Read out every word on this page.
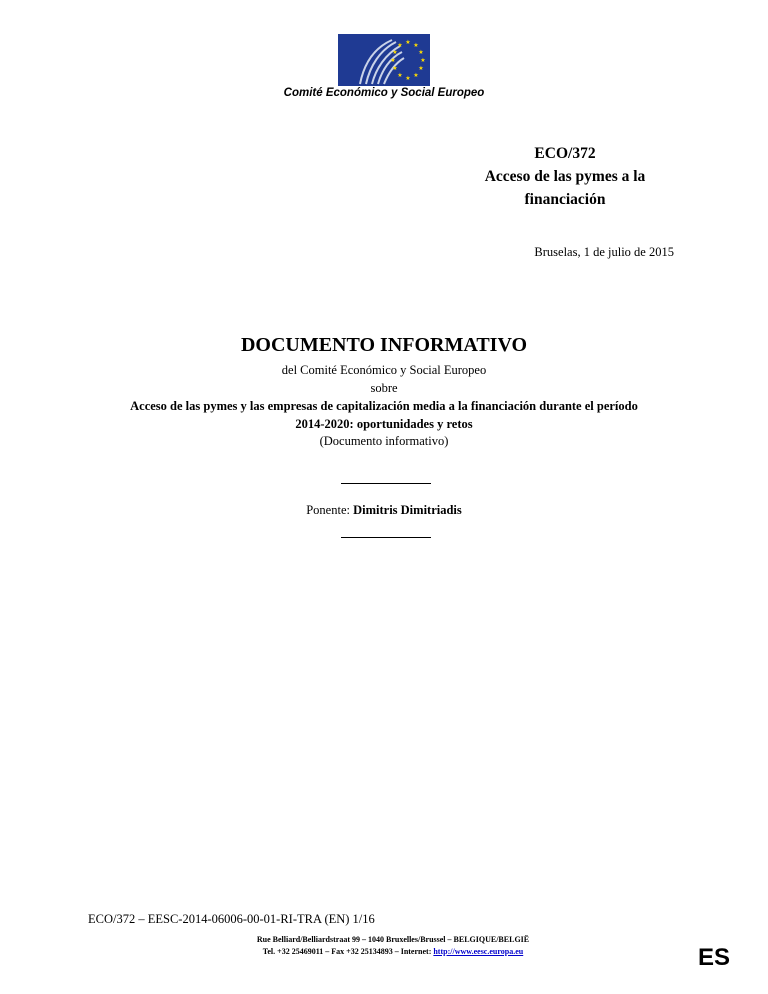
★ ★
★
★
★
★
★
★
★
★
★
★
Comité Económico y Social Europeo
ECO/372
Acceso de las pymes a la
financiación
Bruselas, 1 de julio de 2015
DOCUMENTO INFORMATIVO
del Comité Económico y Social Europeo
sobre
Acceso de las pymes y las empresas de capitalización media a la financiación durante el período
2014-2020: oportunidades y retos
(Documento informativo)
Ponente: Dimitris Dimitriadis
ECO/372 – EESC-2014-06006-00-01-RI-TRA (EN) 1/16
Rue Belliard/Belliardstraat 99 – 1040 Bruxelles/Brussel – BELGIQUE/BELGIË
Tel. +32 25469011 – Fax +32 25134893 – Internet: http://www.eesc.europa.eu	ES
